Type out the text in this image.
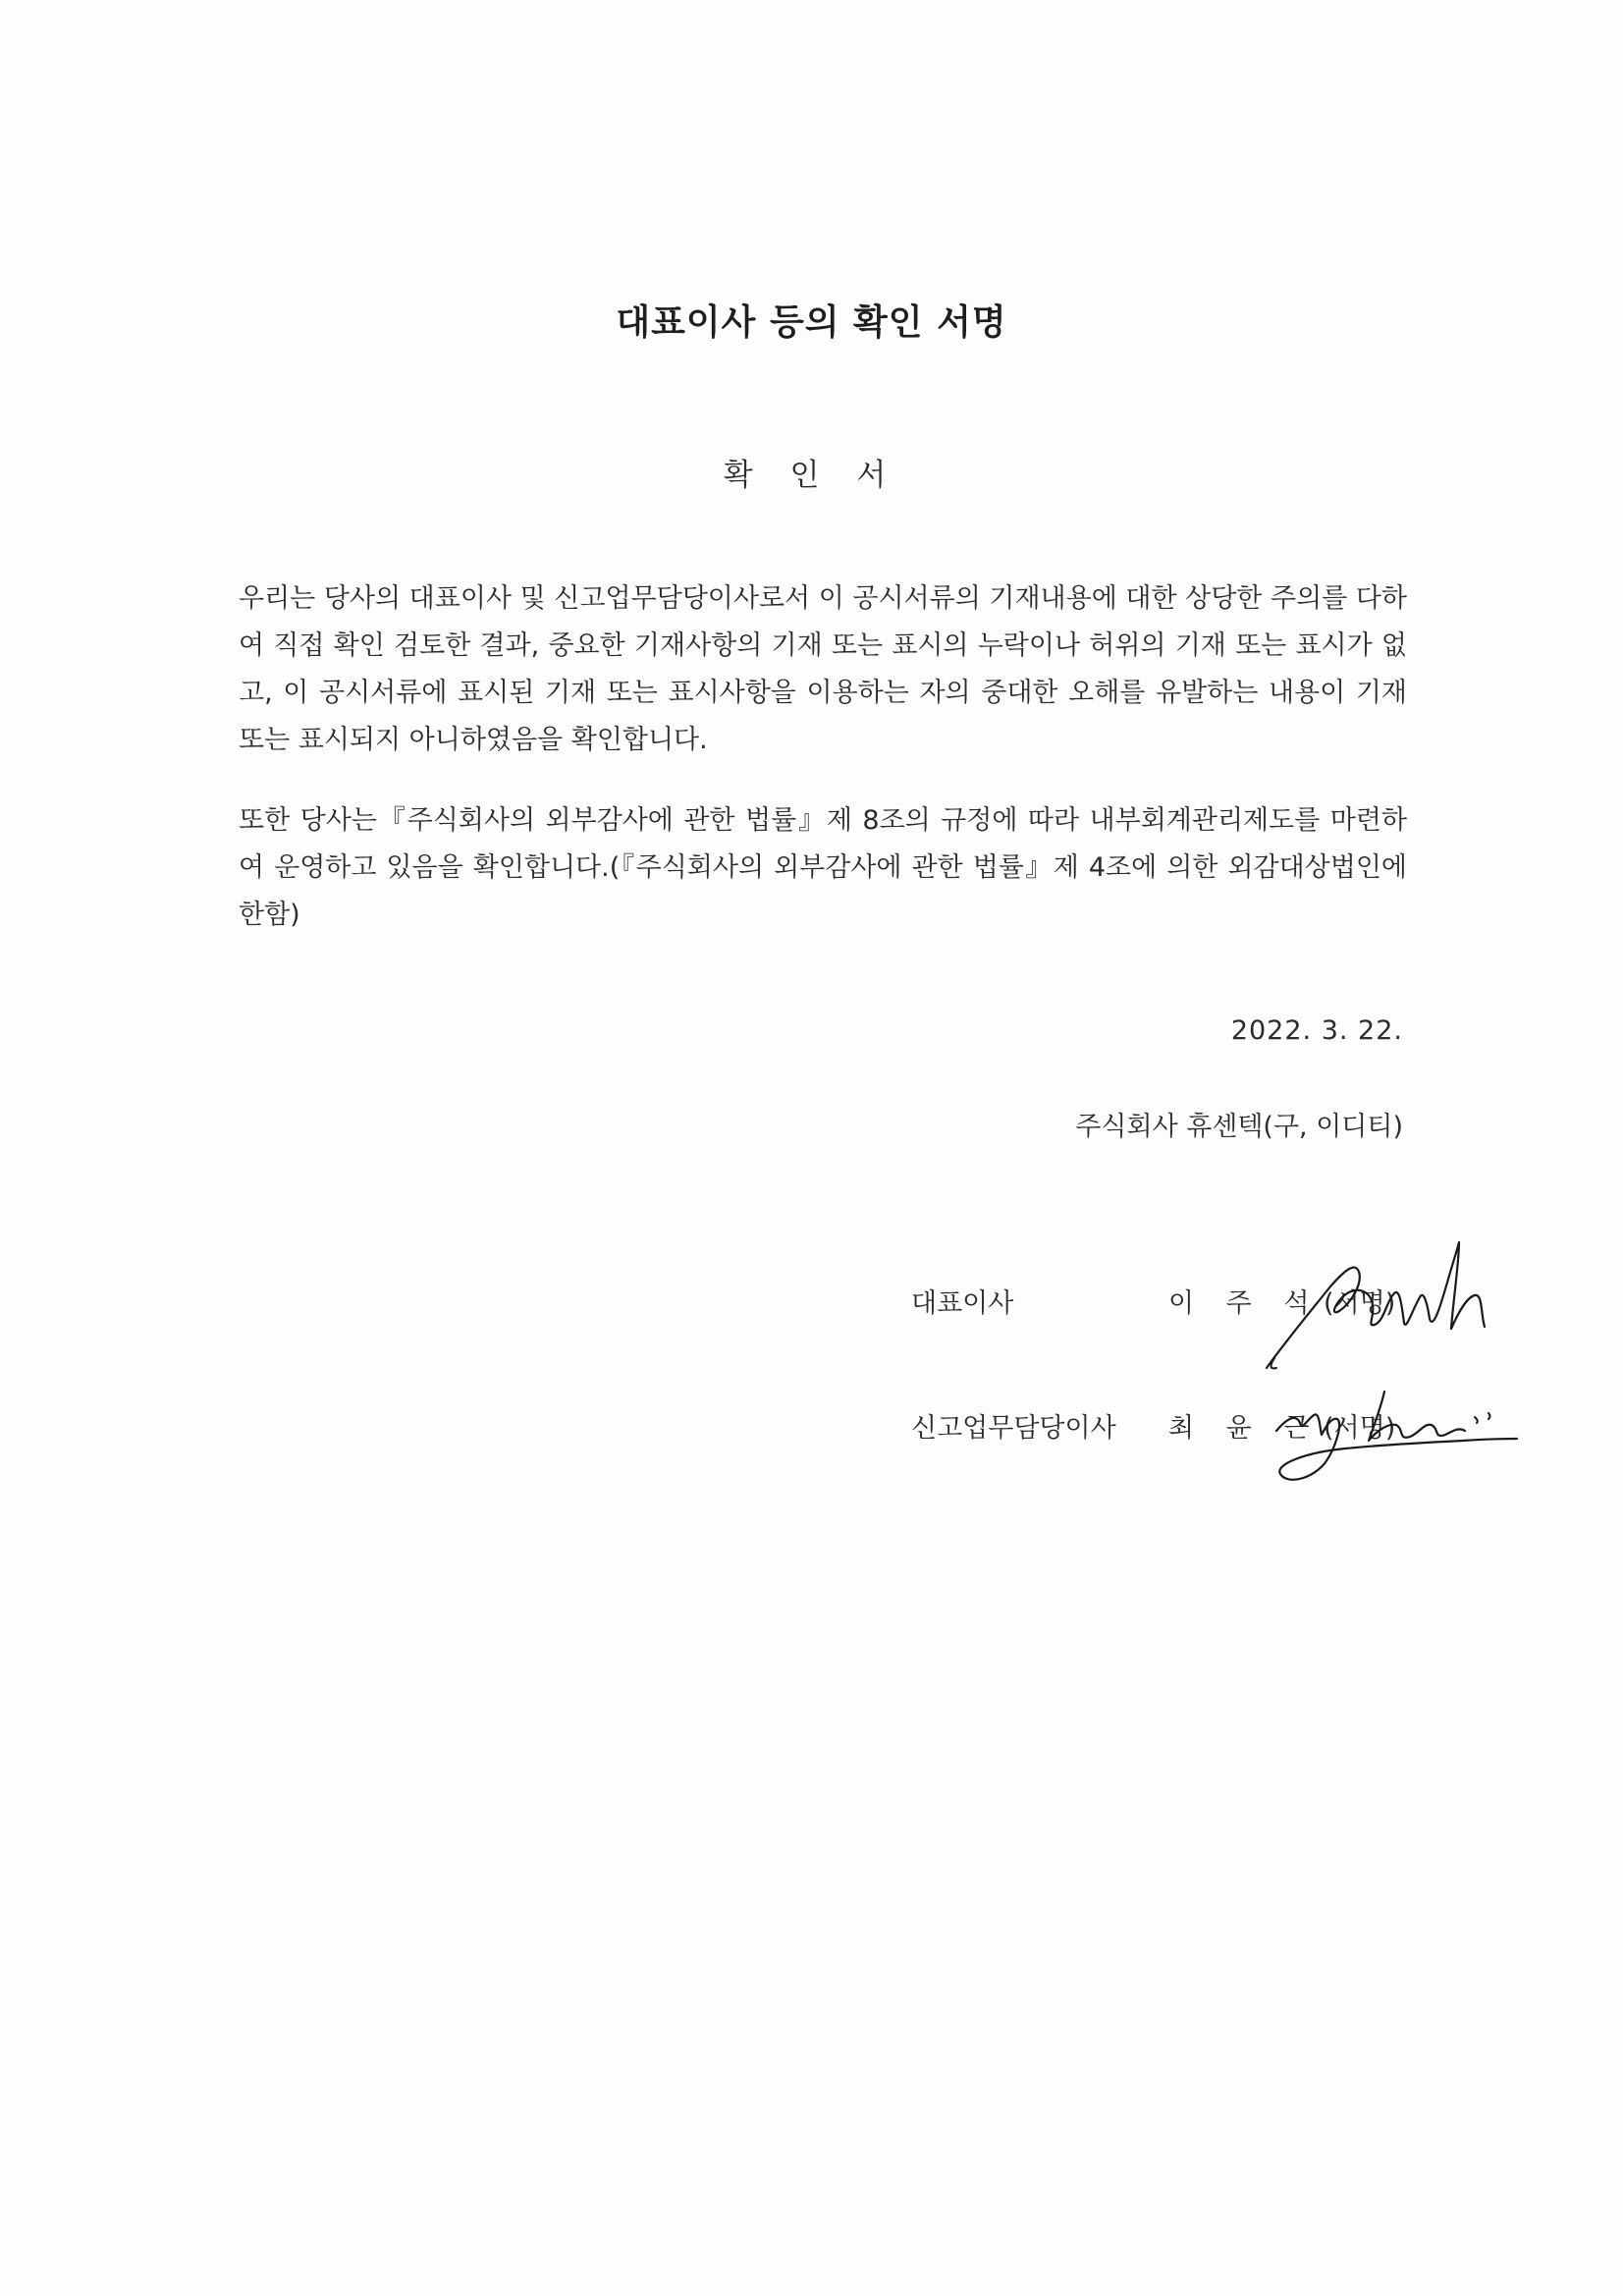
대표이사 등의 확인 서명
확 인 서

우리는 당사의 대표이사 및 신고업무담당이사로서 이 공시서류의 기재내용에 대한 상당한 주의를 다하여 직접 확인 검토한 결과, 중요한 기재사항의 기재 또는 표시의 누락이나 허위의 기재 또는 표시가 없고, 이 공시서류에 표시된 기재 또는 표시사항을 이용하는 자의 중대한 오해를 유발하는 내용이 기재 또는 표시되지 아니하였음을 확인합니다.

또한 당사는『주식회사의 외부감사에 관한 법률』제 8조의 규정에 따라 내부회계관리제도를 마련하여 운영하고 있음을 확인합니다.(『주식회사의 외부감사에 관한 법률』제 4조에 의한 외감대상법인에 한함)

2022. 3. 22.
주식회사 휴센텍(구, 이디티)
대표이사	이 주 석 (서명)
신고업무담당이사 최 윤 근 (서명)
